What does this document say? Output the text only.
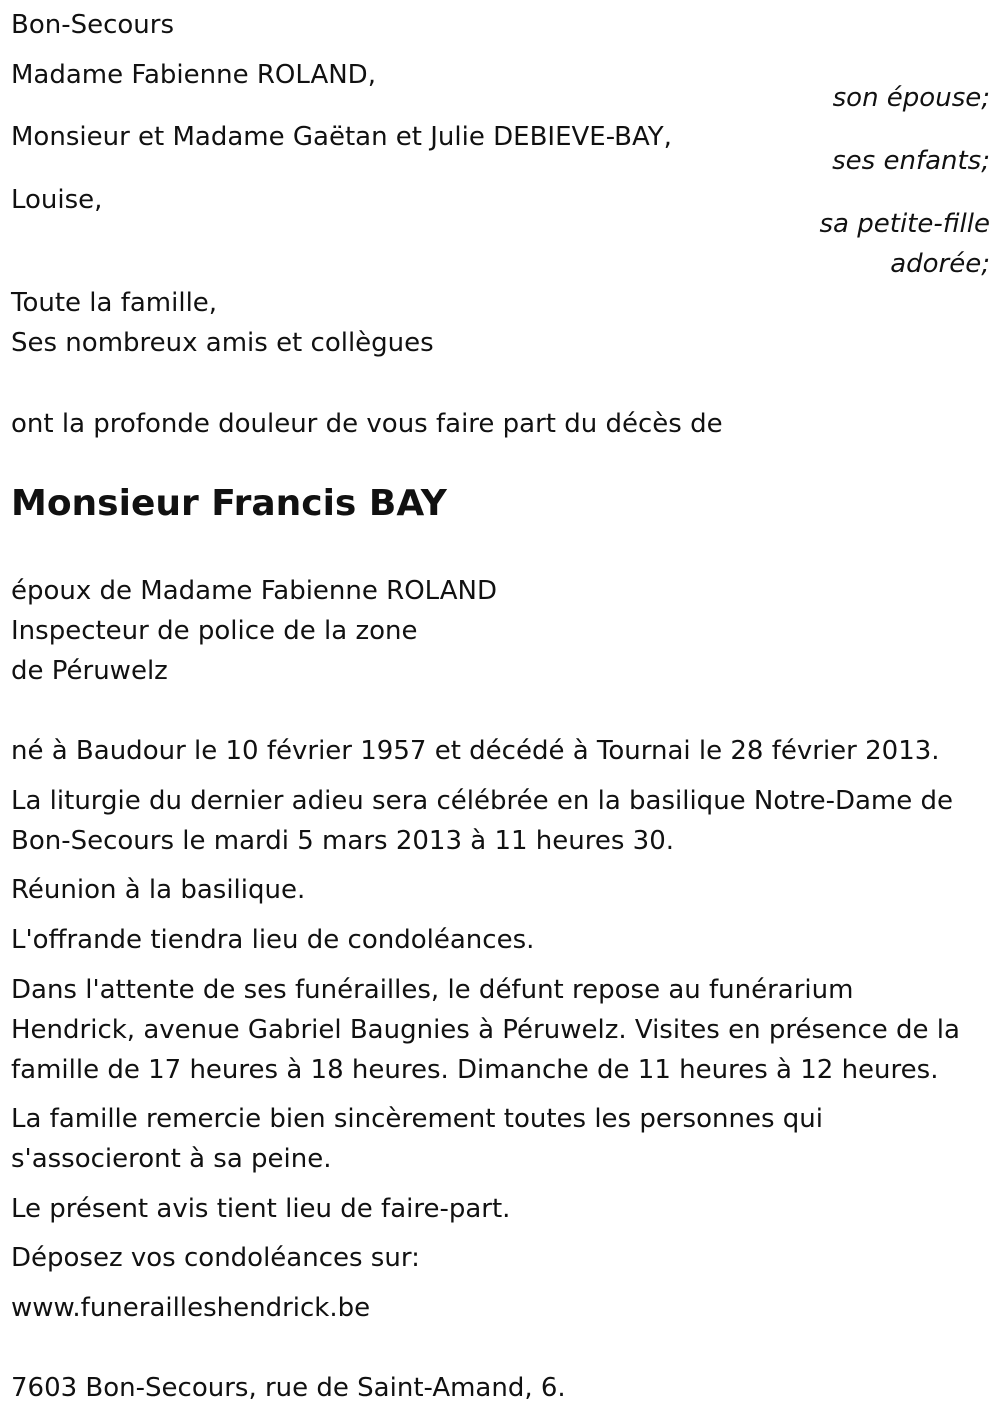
Bon-Secours
Madame Fabienne ROLAND,
son épouse;
Monsieur et Madame Gaëtan et Julie DEBIEVE-BAY,
ses enfants;
Louise,
sa petite-fille
adorée;
Toute la famille,
Ses nombreux amis et collègues
ont la profonde douleur de vous faire part du décès de
Monsieur Francis BAY
époux de Madame Fabienne ROLAND
Inspecteur de police de la zone
de Péruwelz
né à Baudour le 10 février 1957 et décédé à Tournai le 28 février 2013.
La liturgie du dernier adieu sera célébrée en la basilique Notre-Dame de
Bon-Secours le mardi 5 mars 2013 à 11 heures 30.
Réunion à la basilique.
L'offrande tiendra lieu de condoléances.
Dans l'attente de ses funérailles, le défunt repose au funérarium
Hendrick, avenue Gabriel Baugnies à Péruwelz. Visites en présence de la
famille de 17 heures à 18 heures. Dimanche de 11 heures à 12 heures.
La famille remercie bien sincèrement toutes les personnes qui
s'associeront à sa peine.
Le présent avis tient lieu de faire-part.
Déposez vos condoléances sur:
www.funerailleshendrick.be
7603 Bon-Secours, rue de Saint-Amand, 6.
